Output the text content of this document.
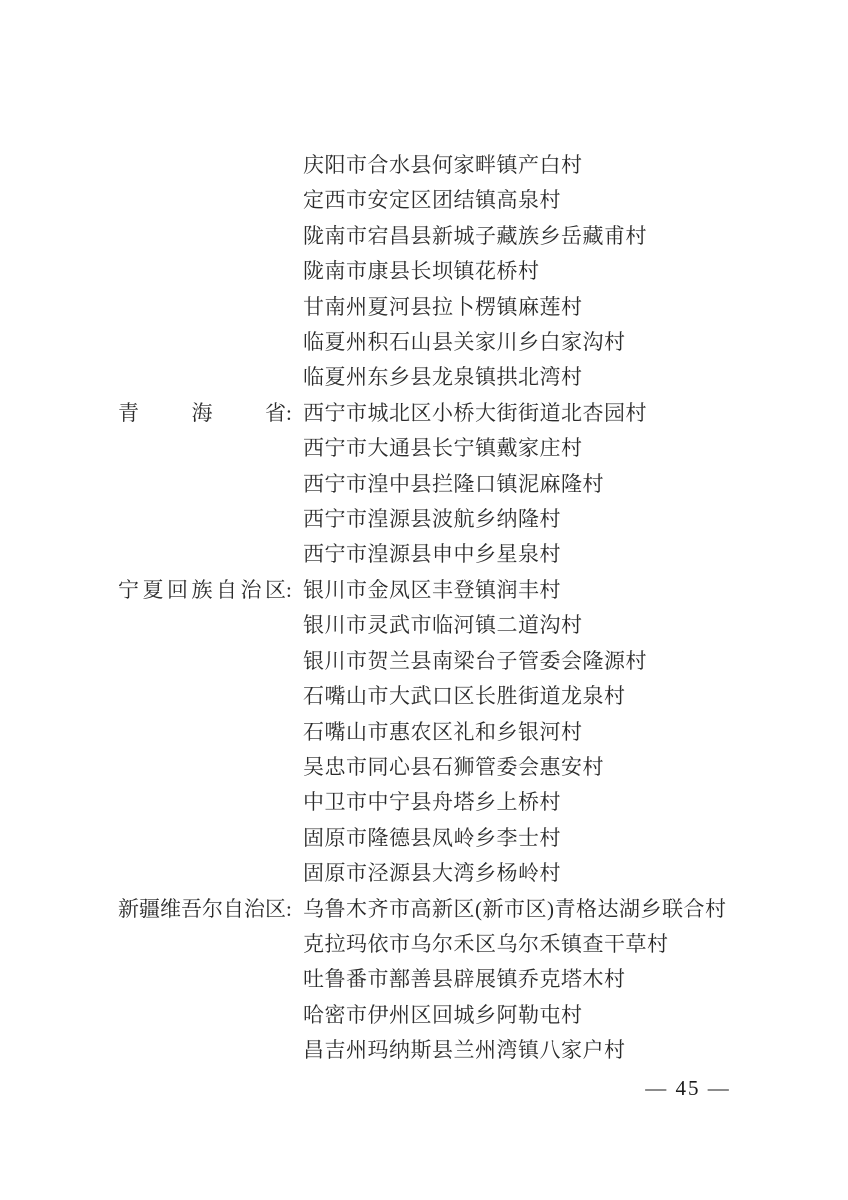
庆阳市合水县何家畔镇产白村
定西市安定区团结镇高泉村
陇南市宕昌县新城子藏族乡岳藏甫村
陇南市康县长坝镇花桥村
甘南州夏河县拉卜楞镇麻莲村
临夏州积石山县关家川乡白家沟村
临夏州东乡县龙泉镇拱北湾村
青海省 : 西宁市城北区小桥大街街道北杏园村
西宁市大通县长宁镇戴家庄村
西宁市湟中县拦隆口镇泥麻隆村
西宁市湟源县波航乡纳隆村
西宁市湟源县申中乡星泉村
宁夏回族自治区 : 银川市金凤区丰登镇润丰村
银川市灵武市临河镇二道沟村
银川市贺兰县南梁台子管委会隆源村
石嘴山市大武口区长胜街道龙泉村
石嘴山市惠农区礼和乡银河村
吴忠市同心县石狮管委会惠安村
中卫市中宁县舟塔乡上桥村
固原市隆德县凤岭乡李士村
固原市泾源县大湾乡杨岭村
新疆维吾尔自治区 : 乌鲁木齐市高新区(新市区)青格达湖乡联合村
克拉玛依市乌尔禾区乌尔禾镇查干草村
吐鲁番市鄯善县辟展镇乔克塔木村
哈密市伊州区回城乡阿勒屯村
昌吉州玛纳斯县兰州湾镇八家户村
— 45 —
